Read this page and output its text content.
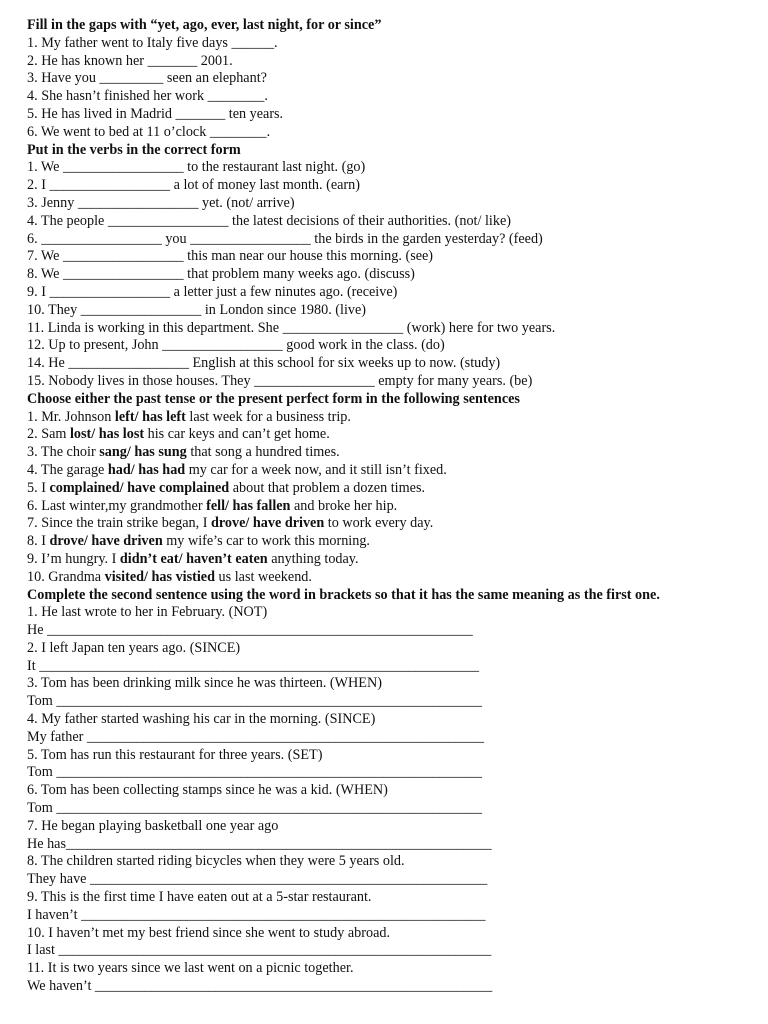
Fill in the gaps with “yet, ago, ever, last night, for or since”
1. My father went to Italy five days ______.
2. He has known her _______ 2001.
3. Have you _________ seen an elephant?
4. She hasn’t finished her work ________.
5. He has lived in Madrid _______ ten years.
6. We went to bed at 11 o’clock ________.
Put in the verbs in the correct form
1. We _________________ to the restaurant last night. (go)
2. I _________________ a lot of money last month. (earn)
3. Jenny _________________ yet. (not/ arrive)
4. The people _________________ the latest decisions of their authorities. (not/ like)
6. _________________ you _________________ the birds in the garden yesterday? (feed)
7. We _________________ this man near our house this morning. (see)
8. We _________________ that problem many weeks ago. (discuss)
9. I _________________ a letter just a few ninutes ago. (receive)
10. They _________________ in London since 1980. (live)
11. Linda is working in this department. She _________________ (work) here for two years.
12. Up to present, John _________________ good work in the class. (do)
14. He _________________ English at this school for six weeks up to now. (study)
15. Nobody lives in those houses. They _________________ empty for many years. (be)
Choose either the past tense or the present perfect form in the following sentences
1. Mr. Johnson left/ has left last week for a business trip.
2. Sam lost/ has lost his car keys and can’t get home.
3. The choir sang/ has sung that song a hundred times.
4. The garage had/ has had my car for a week now, and it still isn’t fixed.
5. I complained/ have complained about that problem a dozen times.
6. Last winter,my grandmother fell/ has fallen and broke her hip.
7. Since the train strike began, I drove/ have driven to work every day.
8. I drove/ have driven my wife’s car to work this morning.
9. I’m hungry. I didn’t eat/ haven’t eaten anything today.
10. Grandma visited/ has vistied us last weekend.
Complete the second sentence using the word in brackets so that it has the same meaning as the first one.
1. He last wrote to her in February. (NOT)
He ____________________________________________________________
2. I left Japan ten years ago. (SINCE)
It ______________________________________________________________
3. Tom has been drinking milk since he was thirteen. (WHEN)
Tom ____________________________________________________________
4. My father started washing his car in the morning. (SINCE)
My father ________________________________________________________
5. Tom has run this restaurant for three years. (SET)
Tom ____________________________________________________________
6. Tom has been collecting stamps since he was a kid. (WHEN)
Tom ____________________________________________________________
7. He began playing basketball one year ago
He has____________________________________________________________
8. The children started riding bicycles when they were 5 years old.
They have ________________________________________________________
9. This is the first time I have eaten out at a 5-star restaurant.
I haven’t _________________________________________________________
10. I haven’t met my best friend since she went to study abroad.
I last _____________________________________________________________
11. It is two years since we last went on a picnic together.
We haven’t ________________________________________________________
